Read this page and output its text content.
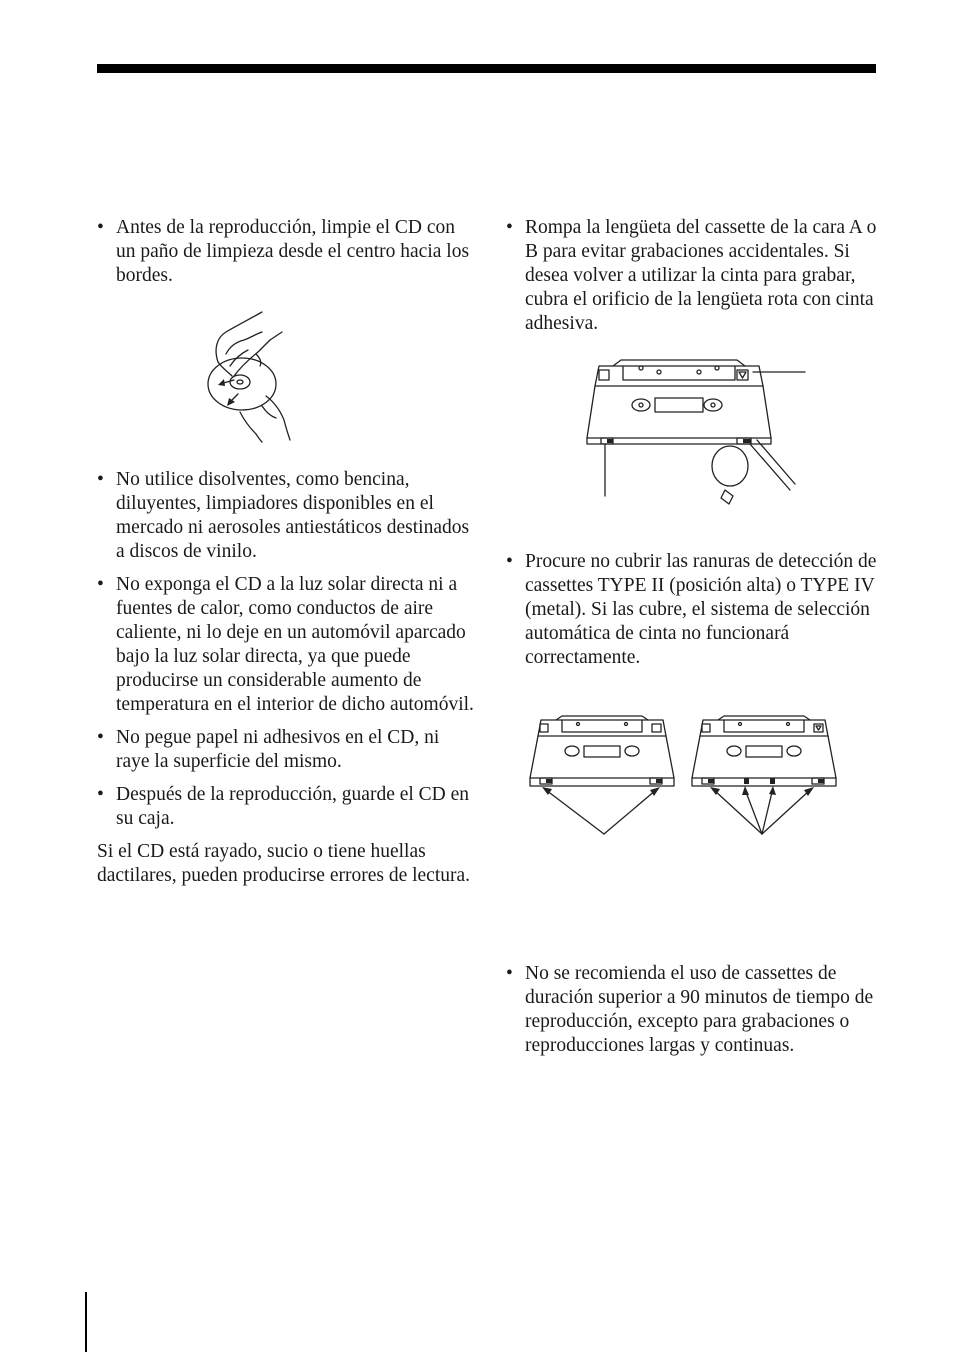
• Antes de la reproducción, limpie el CD con un paño de limpieza desde el centro hacia los bordes.
• No utilice disolventes, como bencina, diluyentes, limpiadores disponibles en el mercado ni aerosoles antiestáticos destinados a discos de vinilo.
• No exponga el CD a la luz solar directa ni a fuentes de calor, como conductos de aire caliente, ni lo deje en un automóvil aparcado bajo la luz solar directa, ya que puede producirse un considerable aumento de temperatura en el interior de dicho automóvil.
• No pegue papel ni adhesivos en el CD, ni raye la superficie del mismo.
• Después de la reproducción, guarde el CD en su caja.

Si el CD está rayado, sucio o tiene huellas dactilares, pueden producirse errores de lectura.

• Rompa la lengüeta del cassette de la cara A o B para evitar grabaciones accidentales. Si desea volver a utilizar la cinta para grabar, cubra el orificio de la lengüeta rota con cinta adhesiva.
• Procure no cubrir las ranuras de detección de cassettes TYPE II (posición alta) o TYPE IV (metal). Si las cubre, el sistema de selección automática de cinta no funcionará correctamente.
• No se recomienda el uso de cassettes de duración superior a 90 minutos de tiempo de reproducción, excepto para grabaciones o reproducciones largas y continuas.
